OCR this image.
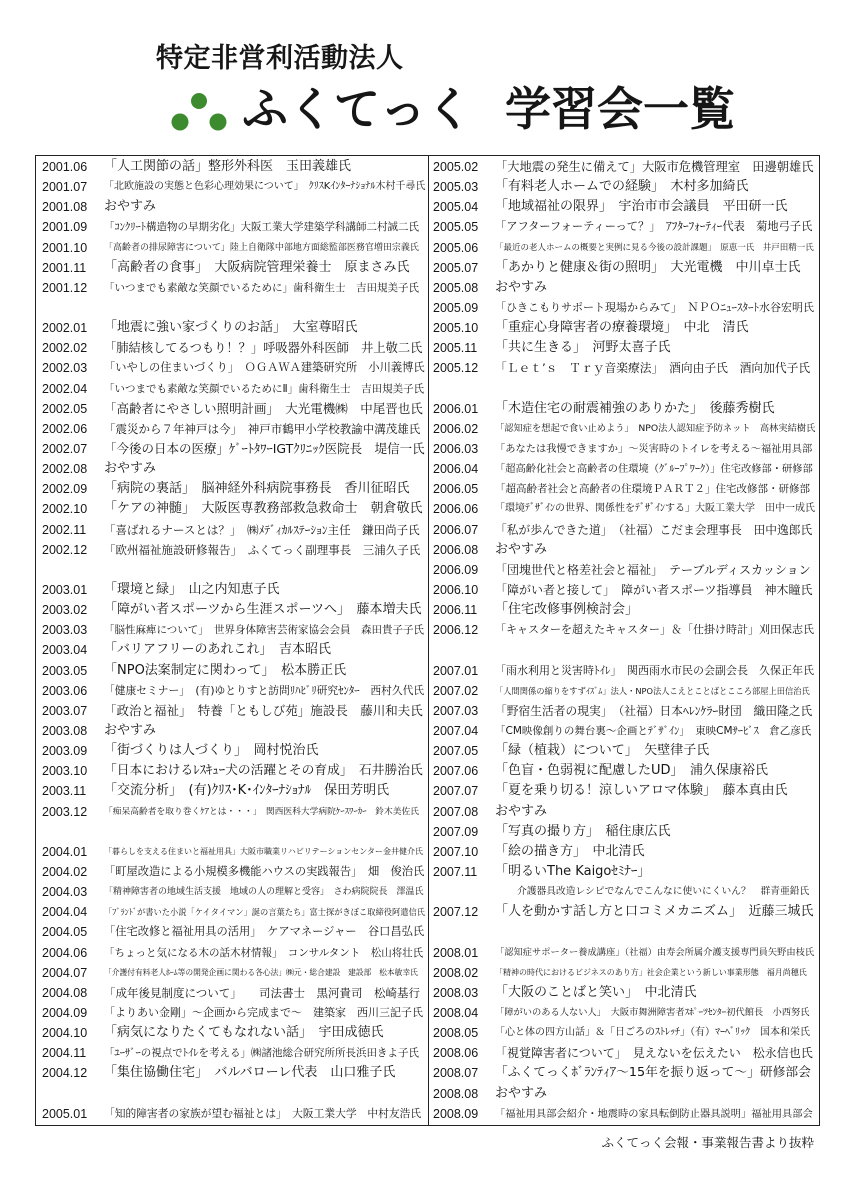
特定非営利活動法人
ふくてっく 学習会一覧
2001.06	「人工関節の話」整形外科医　玉田義雄氏
2001.07	「北欧施設の実態と色彩心理効果について」　ｸﾘｽKｲﾝﾀｰﾅｼｮﾅﾙ木村千尋氏
2001.08	おやすみ
2001.09	「ｺﾝｸﾘｰﾄ構造物の早期劣化」大阪工業大学建築学科講師二村誠二氏
2001.10	「高齢者の排尿障害について」陸上自衛隊中部地方面総監部医務官増田宗義氏
2001.11	「高齢者の食事」　大阪病院管理栄養士　原まさみ氏
2001.12	「いつまでも素敵な笑顔でいるために」歯科衛生士　吉田規美子氏
2002.01	「地震に強い家づくりのお話」　大室尊昭氏
2002.02	「肺結核してるつもり！？」呼吸器外科医師　井上敬二氏
2002.03	「いやしの住まいづくり」　ＯＧＡＷＡ建築研究所　小川義博氏
2002.04	「いつまでも素敵な笑顔でいるためにⅡ」歯科衛生士　吉田規美子氏
2002.05	「高齢者にやさしい照明計画」　大光電機㈱　中尾晋也氏
2002.06	「震災から７年神戸は今」　神戸市鶴甲小学校教諭中溝茂雄氏
2002.07	「今後の日本の医療」ｹﾞｰﾄﾀﾜｰIGTｸﾘﾆｯｸ医院長　堤信一氏
2002.08	おやすみ
2002.09	「病院の裏話」　脳神経外科病院事務長　香川征昭氏
2002.10	「ケアの神髄」　大阪医専教務部救急救命士　朝倉敬氏
2002.11	「喜ばれるナースとは？」　㈱ﾒﾃﾞｨｶﾙｽﾃｰｼｮﾝ主任　鎌田尚子氏
2002.12	「欧州福祉施設研修報告」　ふくてっく副理事長　三浦久子氏
2003.01	「環境と緑」　山之内知恵子氏
2003.02	「障がい者スポーツから生涯スポーツへ」　藤本増夫氏
2003.03	「脳性麻痺について」　世界身体障害芸術家協会会員　森田貴子子氏
2003.04	「バリアフリーのあれこれ」　吉本昭氏
2003.05	「NPO法案制定に関わって」　松本勝正氏
2003.06	「健康セミナー」　(有)ゆとりすと訪問ﾘﾊﾋﾞﾘ研究ｾﾝﾀｰ　西村久代氏
2003.07	「政治と福祉」　特養「ともしび苑」施設長　藤川和夫氏
2003.08	おやすみ
2003.09	「街づくりは人づくり」　岡村悦治氏
2003.10	「日本におけるﾚｽｷｭｰ犬の活躍とその育成」　石井勝治氏
2003.11	「交流分析」　(有)ｸﾘｽ･K･ｲﾝﾀｰﾅｼｮﾅﾙ　保田芳明氏
2003.12	「痴呆高齢者を取り巻くｹｱとは・・・」　関西医科大学病院ｹｰｽﾜｰｶｰ　鈴木美佐氏
2004.01	「暮らしを支える住まいと福祉用具」大阪市職業リハビリテーションセンター金井健介氏
2004.02	「町屋改造による小規模多機能ハウスの実践報告」　畑　俊治氏
2004.03	「精神障害者の地域生活支援　地域の人の理解と受容」　さわ病院院長　澤温氏
2004.04	「ﾌﾞﾗﾝﾄﾞが書いた小説「ケイタイマン」誕の言葉たち」富士探がきぼこ取締役阿遣信氏
2004.05	「住宅改修と福祉用具の活用」　ケアマネージャー　谷口昌弘氏
2004.06	「ちょっと気になる木の話木材情報」　コンサルタント　松山将壮氏
2004.07	「介護付有料老人ﾎｰﾑ等の開発企画に関わる各心法」㈱元・総合建設　建設部　松本敏幸氏
2004.08	「成年後見制度について」　　司法書士　黒河貴司　松崎基行
2004.09	「よりあい金剛」～企画から完成まで～　建築家　西川三記子氏
2004.10	「病気になりたくてもなれない話」　宇田成徳氏
2004.11	「ﾕｰｻﾞｰの視点でﾄｲﾚを考える」㈱諸池総合研究所所長浜田きよ子氏
2004.12	「集住協働住宅」　バルバローレ代表　山口雅子氏
2005.01	「知的障害者の家族が望む福祉とは」　大阪工業大学　中村友浩氏
2005.02	「大地震の発生に備えて」大阪市危機管理室　田邊朝雄氏
2005.03	「有料老人ホームでの経験」　木村多加綺氏
2005.04	「地域福祉の限界」　宇治市市会議員　平田研一氏
2005.05	「アフターフォーティーって？」　ｱﾌﾀｰﾌｫｰﾃｨｰ代表　菊地弓子氏
2005.06	「最近の老人ホームの概要と実例に見る今後の設計課題」　原恵一氏　井戸田精一氏
2005.07	「あかりと健康＆街の照明」　大光電機　中川卓士氏
2005.08	おやすみ
2005.09	「ひきこもりサポート現場からみて」　ＮＰＯﾆｭｰｽﾀｰﾄ水谷宏明氏
2005.10	「重症心身障害者の療養環境」　中北　清氏
2005.11	「共に生きる」　河野太喜子氏
2005.12	「Ｌｅｔ’ｓ　Ｔｒｙ音楽療法」　酒向由子氏　酒向加代子氏
2006.01	「木造住宅の耐震補強のありかた」　後藤秀樹氏
2006.02	「認知症を想起で食い止めよう」　NPO法人認知症予防ネット　高林実結樹氏
2006.03	「あなたは我慢できますか」～災害時のトイレを考える～福祉用具部
2006.04	「超高齢化社会と高齢者の住環境（ｸﾞﾙｰﾌﾟﾜｰｸ）」住宅改修部・研修部
2006.05	「超高齢者社会と高齢者の住環境ＰＡＲＴ２」住宅改修部・研修部
2006.06	「環境ﾃﾞｻﾞｲﾝの世界、関係性をﾃﾞｻﾞｲﾝする」大阪工業大学　田中一成氏
2006.07	「私が歩んできた道」　（社福）こだま会理事長　田中逸郎氏
2006.08	おやすみ
2006.09	「団塊世代と格差社会と福祉」　テーブルディスカッション
2006.10	「障がい者と接して」　障がい者スポーツ指導員　神木瞳氏
2006.11	「住宅改修事例検討会」
2006.12	「キャスターを超えたキャスター」＆「仕掛け時計」刈田保志氏
2007.01	「雨水利用と災害時ﾄｲﾚ」　関西雨水市民の会副会長　久保正年氏
2007.02	「人間関係の縮りをすずｲｽﾞﾑ」法人・NPO法人こえとことばとこころ部屋上田信治氏
2007.03	「野宿生活者の現実」　（社福）日本ﾍﾚﾝｹﾗｰ財団　織田隆之氏
2007.04	「CM映像創りの舞台裏～企画とﾃﾞｻﾞｲﾝ」　東映CMｻｰﾋﾞｽ　倉乙彦氏
2007.05	「緑（植栽）について」　矢壁律子氏
2007.06	「色盲・色弱視に配慮したUD」　浦久保康裕氏
2007.07	「夏を乗り切る！涼しいアロマ体験」　藤本真由氏
2007.08	おやすみ
2007.09	「写真の撮り方」　稲住康広氏
2007.10	「絵の描き方」　中北清氏
2007.11	「明るいThe Kaigoｾﾐﾅｰ」
介護器具改造レシピでなんでこんなに使いにくいん？　群青亜鉛氏
2007.12	「人を動かす話し方と口コミメカニズム」　近藤三城氏
2008.01	「認知症サポーター養成講座」（社福）由寿会所属介護支援専門員矢野由枝氏
2008.02	「精神の時代におけるビジネスのあり方」社会企業という新しい事業形態　福月尚穂氏
2008.03	「大阪のことばと笑い」　中北清氏
2008.04	「障がいのある人ない人」　大阪市舞洲障害者ｽﾎﾟｰﾂｾﾝﾀｰ初代館長　小西努氏
2008.05	「心と体の四方山話」＆「日ごろのｽﾄﾚｯﾁ」（有）ﾏｰﾍﾞﾘｯｸ　国本和栄氏
2008.06	「視覚障害者について」　見えないを伝えたい　松永信也氏
2008.07	「ふくてっくﾎﾞﾗﾝﾃｨｱ～15年を振り返って～」研修部会
2008.08	おやすみ
2008.09	「福祉用具部会紹介・地震時の家具転倒防止器具説明」福祉用具部会
ふくてっく会報・事業報告書より抜粋
